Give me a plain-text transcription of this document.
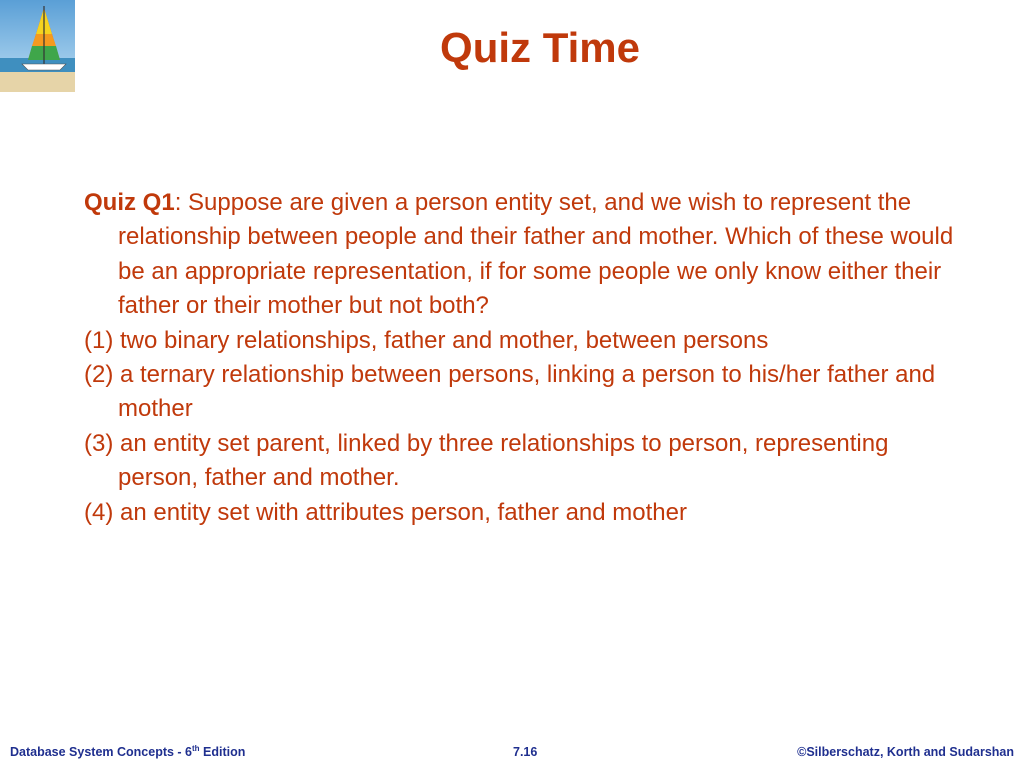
Quiz Time

Quiz Q1: Suppose are given a person entity set, and we wish to represent the relationship between people and their father and mother. Which of these would be an appropriate representation, if for some people we only know either their father or their mother but not both?

(1) two binary relationships, father and mother, between persons

(2) a ternary relationship between persons, linking a person to his/her father and mother

(3) an entity set parent, linked by three relationships to person, representing person, father and mother.

(4) an entity set with attributes person, father and mother

Database System Concepts - 6th Edition	7.16	©Silberschatz, Korth and Sudarshan
